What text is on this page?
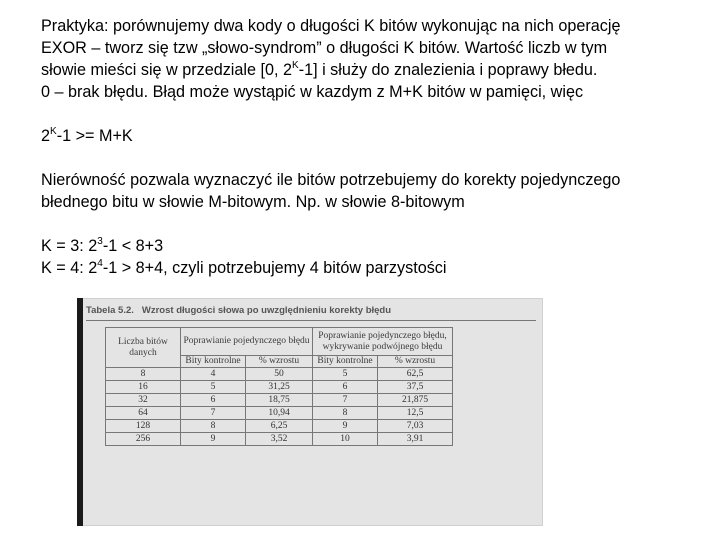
Praktyka: porównujemy dwa kody o długości K bitów wykonując na nich operację

EXOR – tworz się tzw „słowo-syndrom” o długości K bitów. Wartość liczb w tym

słowie mieści się w przedziale [0, $2^K-1$] i służy do znalezienia i poprawy błedu.

0 – brak błędu. Błąd może wystąpić w kazdym z M+K bitów w pamięci, więc

$2^K-1 >= M+K$

Nierówność pozwala wyznaczyć ile bitów potrzebujemy do korekty pojedynczego

błednego bitu w słowie M-bitowym. Np. w słowie 8-bitowym

K = 3: $2^3-1 < 8+3$

K = 4: $2^4-1 > 8+4$, czyli potrzebujemy 4 bitów parzystości

Tabela 5.2. Wzrost długości słowa po uwzględnieniu korekty błędu
Liczba bitów danych	Poprawianie pojedynczego błędu		Poprawianie pojedynczego błędu, wykrywanie podwójnego błędu	
	Bity kontrolne	% wzrostu	Bity kontrolne	% wzrostu
8	4	50	5	62,5
16	5	31,25	6	37,5
32	6	18,75	7	21,875
64	7	10,94	8	12,5
128	8	6,25	9	7,03
256	9	3,52	10	3,91
